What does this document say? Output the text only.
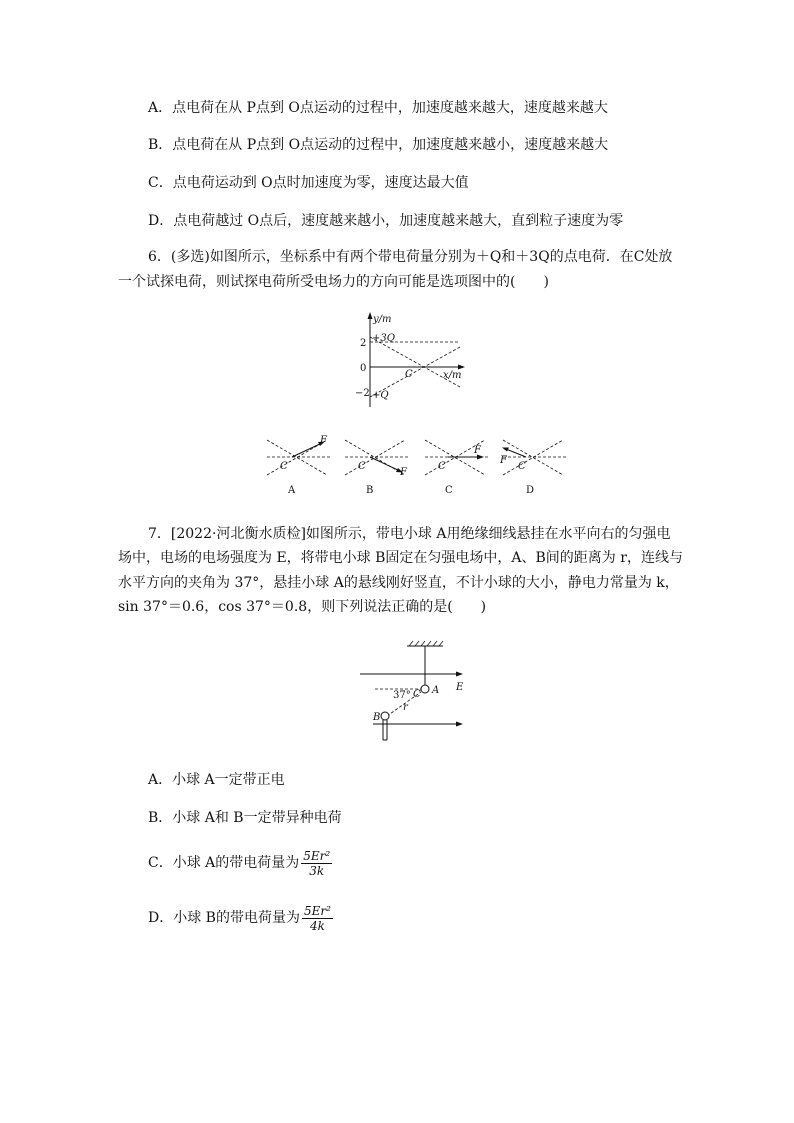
A．点电荷在从 P点到 O点运动的过程中，加速度越来越大，速度越来越大
B．点电荷在从 P点到 O点运动的过程中，加速度越来越小，速度越来越大
C．点电荷运动到 O点时加速度为零，速度达最大值
D．点电荷越过 O点后，速度越来越小，加速度越来越大，直到粒子速度为零
6．(多选)如图所示，坐标系中有两个带电荷量分别为＋Q和＋3Q的点电荷．在C处放
一个试探电荷，则试探电荷所受电场力的方向可能是选项图中的(　　)
y/m
x/m
2
0
−2
+3Q
+Q
C
C
F
A
C
F
B
C
F
C
C
F
D
7．[2022·河北衡水质检]如图所示，带电小球 A用绝缘细线悬挂在水平向右的匀强电
场中，电场的电场强度为 E，将带电小球 B固定在匀强电场中，A、B间的距离为 r，连线与
水平方向的夹角为 37°，悬挂小球 A的悬线刚好竖直，不计小球的大小，静电力常量为 k，
sin 37°＝0.6，cos 37°＝0.8，则下列说法正确的是(　　)
37° C A
B
r
E
A．小球 A一定带正电
B．小球 A和 B一定带异种电荷
C．小球 A的带电荷量为 $\frac{\text{5Er²}}{3k}$
D．小球 B的带电荷量为 $\frac{\text{5Er²}}{4k}$
